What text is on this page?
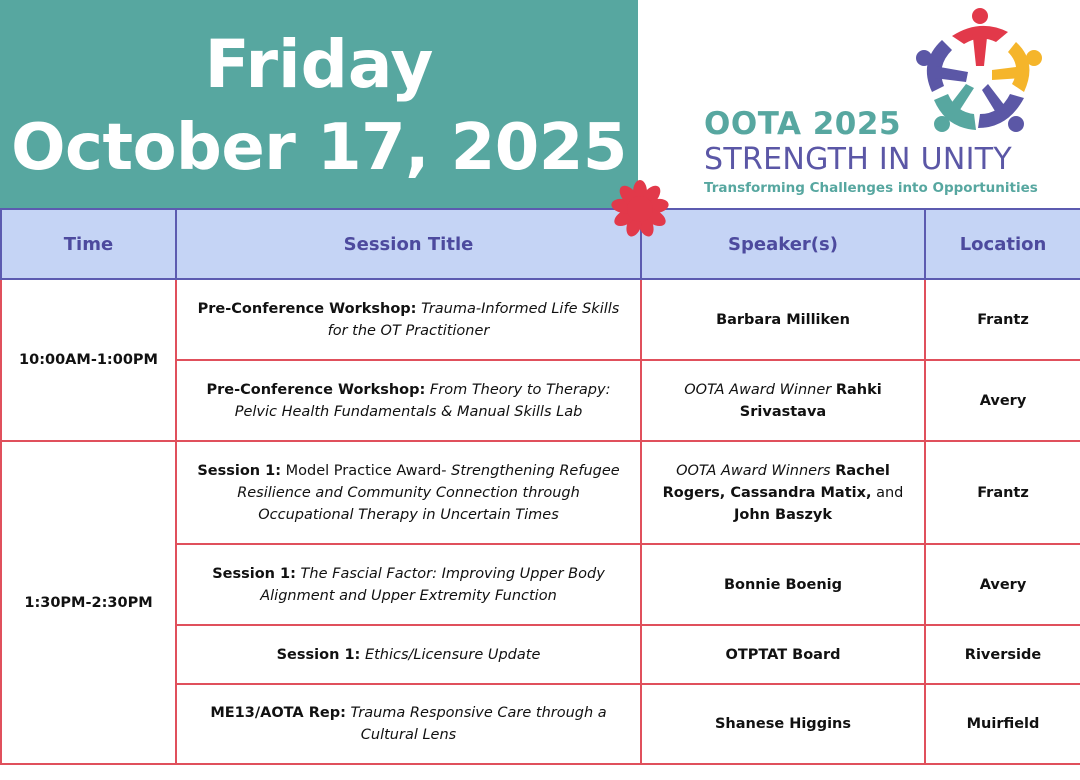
Friday
October 17, 2025 OOTA 2025
STRENGTH IN UNITY
Transforming Challenges into Opportunities
Time	Session Title	Speaker(s)	Location
10:00AM-1:00PM	Pre-Conference Workshop: Trauma-Informed Life Skills for the OT Practitioner	Barbara Milliken	Frantz
	Pre-Conference Workshop: From Theory to Therapy: Pelvic Health Fundamentals & Manual Skills Lab	OOTA Award Winner Rahki Srivastava	Avery
1:30PM-2:30PM	Session 1: Model Practice Award- Strengthening Refugee Resilience and Community Connection through Occupational Therapy in Uncertain Times	OOTA Award Winners Rachel Rogers, Cassandra Matix, and John Baszyk	Frantz
	Session 1: The Fascial Factor: Improving Upper Body Alignment and Upper Extremity Function	Bonnie Boenig	Avery
	Session 1: Ethics/Licensure Update	OTPTAT Board	Riverside
	ME13/AOTA Rep: Trauma Responsive Care through a Cultural Lens	Shanese Higgins	Muirfield
